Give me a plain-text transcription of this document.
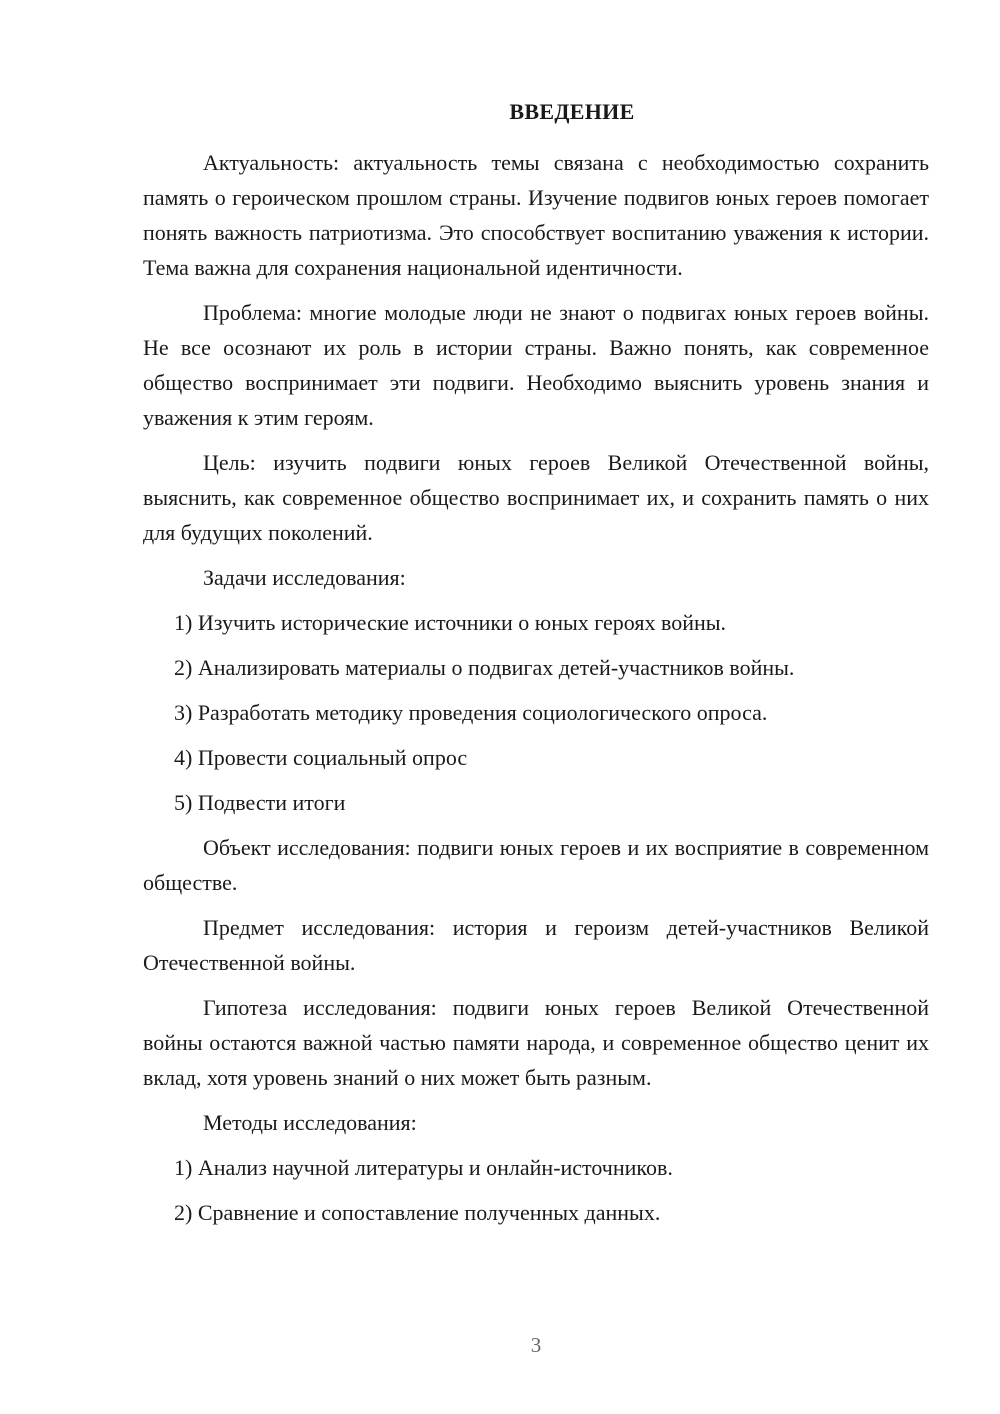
ВВЕДЕНИЕ

Актуальность: актуальность темы связана с необходимостью сохранить память о героическом прошлом страны. Изучение подвигов юных героев помогает понять важность патриотизма. Это способствует воспитанию уважения к истории. Тема важна для сохранения национальной идентичности.

Проблема: многие молодые люди не знают о подвигах юных героев войны. Не все осознают их роль в истории страны. Важно понять, как современное общество воспринимает эти подвиги. Необходимо выяснить уровень знания и уважения к этим героям.

Цель: изучить подвиги юных героев Великой Отечественной войны, выяснить, как современное общество воспринимает их, и сохранить память о них для будущих поколений.

Задачи исследования:

1) Изучить исторические источники о юных героях войны.
2) Анализировать материалы о подвигах детей-участников войны.
3) Разработать методику проведения социологического опроса.
4) Провести социальный опрос
5) Подвести итоги

Объект исследования: подвиги юных героев и их восприятие в современном обществе.

Предмет исследования: история и героизм детей-участников Великой Отечественной войны.

Гипотеза исследования: подвиги юных героев Великой Отечественной войны остаются важной частью памяти народа, и современное общество ценит их вклад, хотя уровень знаний о них может быть разным.

Методы исследования:

1) Анализ научной литературы и онлайн-источников.
2) Сравнение и сопоставление полученных данных.
3
